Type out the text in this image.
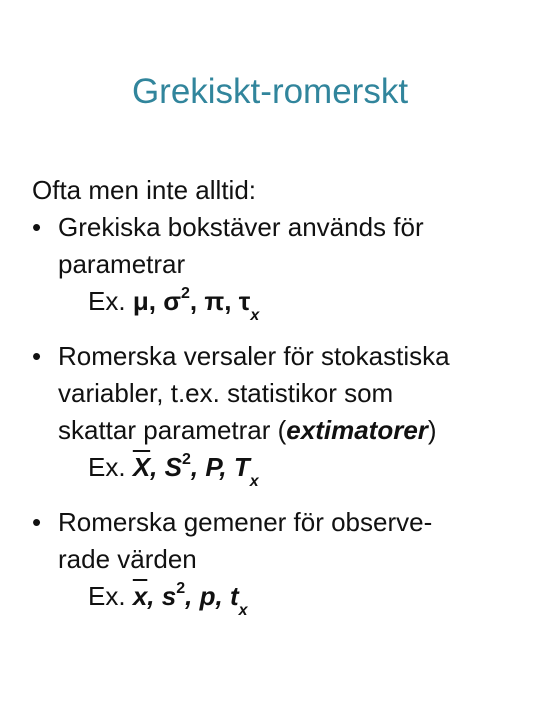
Grekiskt-romerskt
Ofta men inte alltid:
• Grekiska bokstäver används för
parametrar
Ex. μ, $\sigma^2$, π, $\tau_x$
• Romerska versaler för stokastiska
variabler, t.ex. statistikor som
skattar parametrar (extimatorer)
Ex. $\overline{X}$, $S^2$, P, $T_x$
• Romerska gemener för observe-
rade värden
Ex. $\overline{x}$, $s^2$, p, $t_x$
